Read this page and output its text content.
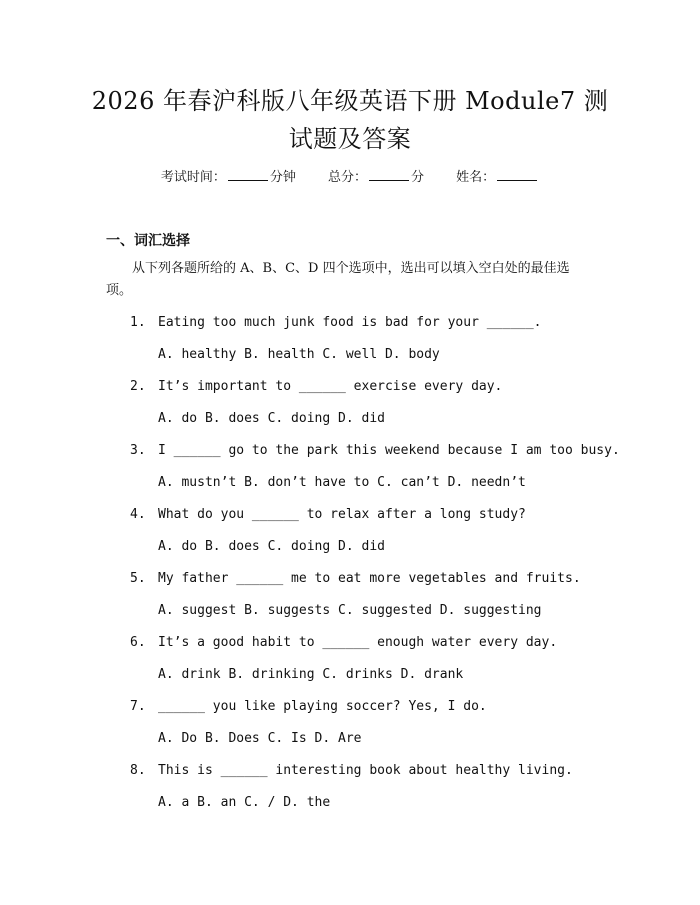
2026 年春沪科版八年级英语下册 Module7 测
试题及答案
考试时间：	分钟 总分：	分 姓名：
一、词汇选择
从下列各题所给的 A、B、C、D 四个选项中，选出可以填入空白处的最佳选项。
1. Eating too much junk food is bad for your ______.
A. healthy B. health C. well D. body
2. It’s important to ______ exercise every day.
A. do B. does C. doing D. did
3. I ______ go to the park this weekend because I am too busy.
A. mustn’t B. don’t have to C. can’t D. needn’t
4. What do you ______ to relax after a long study?
A. do B. does C. doing D. did
5. My father ______ me to eat more vegetables and fruits.
A. suggest B. suggests C. suggested D. suggesting
6. It’s a good habit to ______ enough water every day.
A. drink B. drinking C. drinks D. drank
7. ______ you like playing soccer? Yes, I do.
A. Do B. Does C. Is D. Are
8. This is ______ interesting book about healthy living.
A. a B. an C. / D. the
